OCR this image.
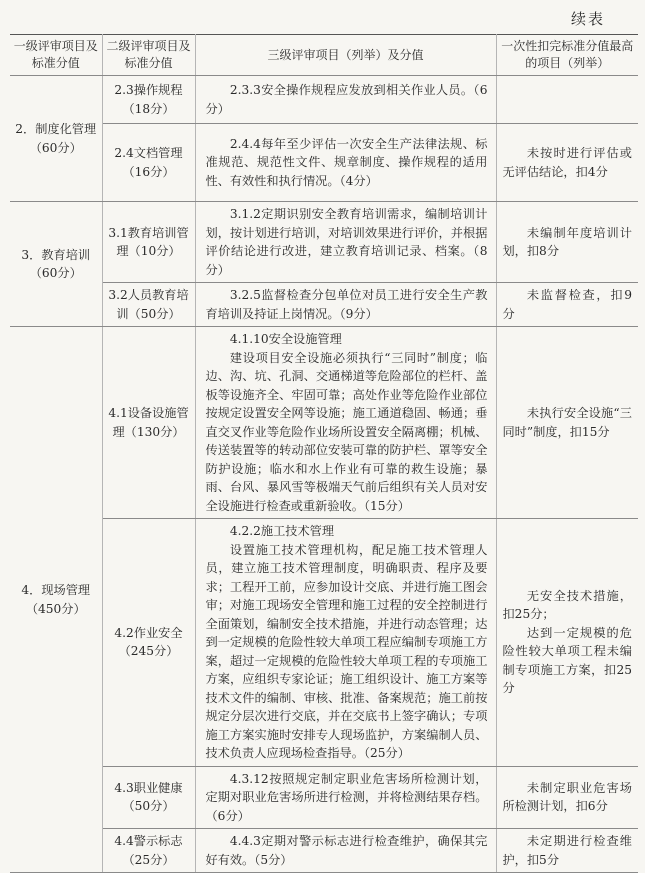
续表
一级评审项目及标准分值	二级评审项目及标准分值	三级评审项目（列举）及分值	一次性扣完标准分值最高的项目（列举）
2．制度化管理（60分）	2.3操作规程（18分）	2.3.3安全操作规程应发放到相关作业人员。（6分）	
	2.4文档管理（16分）	2.4.4每年至少评估一次安全生产法律法规、标准规范、规范性文件、规章制度、操作规程的适用性、有效性和执行情况。（4分）	未按时进行评估或无评估结论，扣4分
3．教育培训（60分）	3.1教育培训管理（10分）	3.1.2定期识别安全教育培训需求，编制培训计划，按计划进行培训，对培训效果进行评价，并根据评价结论进行改进，建立教育培训记录、档案。（8分）	未编制年度培训计划，扣8分
	3.2人员教育培训（50分）	3.2.5监督检查分包单位对员工进行安全生产教育培训及持证上岗情况。（9分）	未监督检查，扣9分
4．现场管理（450分）	4.1设备设施管理（130分）	4.1.10安全设施管理
建设项目安全设施必须执行“三同时”制度；临边、沟、坑、孔洞、交通梯道等危险部位的栏杆、盖板等设施齐全、牢固可靠；高处作业等危险作业部位按规定设置安全网等设施；施工通道稳固、畅通；垂直交叉作业等危险作业场所设置安全隔离棚；机械、传送装置等的转动部位安装可靠的防护栏、罩等安全防护设施；临水和水上作业有可靠的救生设施；暴雨、台风、暴风雪等极端天气前后组织有关人员对安全设施进行检查或重新验收。（15分）	未执行安全设施“三同时”制度，扣15分
	4.2作业安全（245分）	4.2.2施工技术管理
设置施工技术管理机构，配足施工技术管理人员，建立施工技术管理制度，明确职责、程序及要求；工程开工前，应参加设计交底、并进行施工图会审；对施工现场安全管理和施工过程的安全控制进行全面策划，编制安全技术措施，并进行动态管理；达到一定规模的危险性较大单项工程应编制专项施工方案，超过一定规模的危险性较大单项工程的专项施工方案，应组织专家论证；施工组织设计、施工方案等技术文件的编制、审核、批准、备案规范；施工前按规定分层次进行交底，并在交底书上签字确认；专项施工方案实施时安排专人现场监护，方案编制人员、技术负责人应现场检查指导。（25分）	无安全技术措施，扣25分；
达到一定规模的危险性较大单项工程未编制专项施工方案，扣25分

	4.3职业健康（50分）	4.3.12按照规定制定职业危害场所检测计划，定期对职业危害场所进行检测，并将检测结果存档。（6分）	未制定职业危害场所检测计划，扣6分
	4.4警示标志（25分）	4.4.3定期对警示标志进行检查维护，确保其完好有效。（5分）	未定期进行检查维护，扣5分
